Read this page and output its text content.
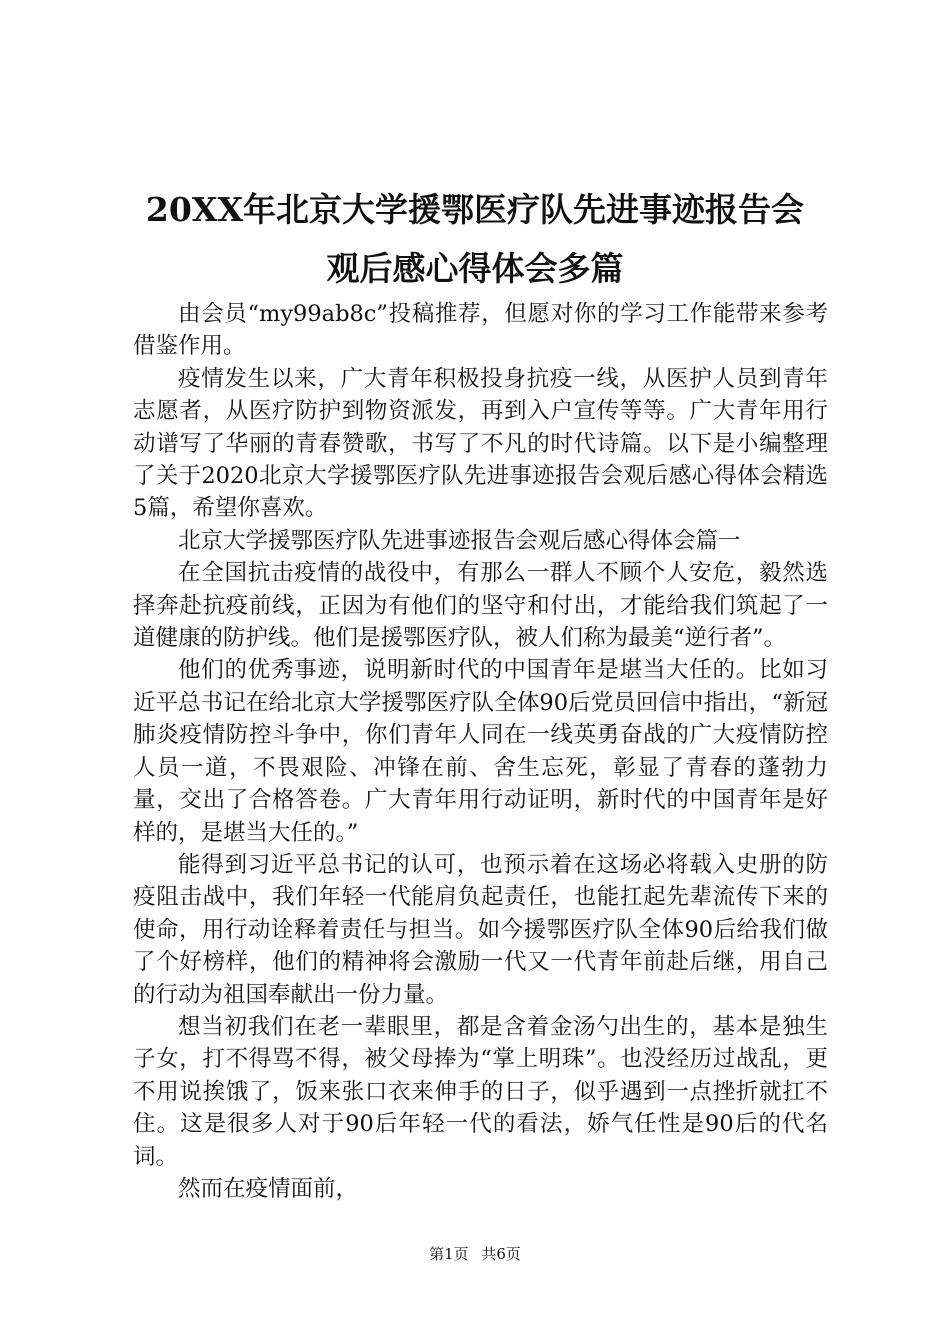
20XX年北京大学援鄂医疗队先进事迹报告会
观后感心得体会多篇

由会员“my99ab8c”投稿推荐，但愿对你的学习工作能带来参考借鉴作用。

疫情发生以来，广大青年积极投身抗疫一线，从医护人员到青年志愿者，从医疗防护到物资派发，再到入户宣传等等。广大青年用行动谱写了华丽的青春赞歌，书写了不凡的时代诗篇。以下是小编整理了关于2020北京大学援鄂医疗队先进事迹报告会观后感心得体会精选5篇，希望你喜欢。

北京大学援鄂医疗队先进事迹报告会观后感心得体会篇一

在全国抗击疫情的战役中，有那么一群人不顾个人安危，毅然选择奔赴抗疫前线，正因为有他们的坚守和付出，才能给我们筑起了一道健康的防护线。他们是援鄂医疗队，被人们称为最美“逆行者”。

他们的优秀事迹，说明新时代的中国青年是堪当大任的。比如习近平总书记在给北京大学援鄂医疗队全体90后党员回信中指出，“新冠肺炎疫情防控斗争中，你们青年人同在一线英勇奋战的广大疫情防控人员一道，不畏艰险、冲锋在前、舍生忘死，彰显了青春的蓬勃力量，交出了合格答卷。广大青年用行动证明，新时代的中国青年是好样的，是堪当大任的。”

能得到习近平总书记的认可，也预示着在这场必将载入史册的防疫阻击战中，我们年轻一代能肩负起责任，也能扛起先辈流传下来的使命，用行动诠释着责任与担当。如今援鄂医疗队全体90后给我们做了个好榜样，他们的精神将会激励一代又一代青年前赴后继，用自己的行动为祖国奉献出一份力量。

想当初我们在老一辈眼里，都是含着金汤勺出生的，基本是独生子女，打不得骂不得，被父母捧为“掌上明珠”。也没经历过战乱，更不用说挨饿了，饭来张口衣来伸手的日子，似乎遇到一点挫折就扛不住。这是很多人对于90后年轻一代的看法，娇气任性是90后的代名词。

然而在疫情面前，

第1页 共6页
